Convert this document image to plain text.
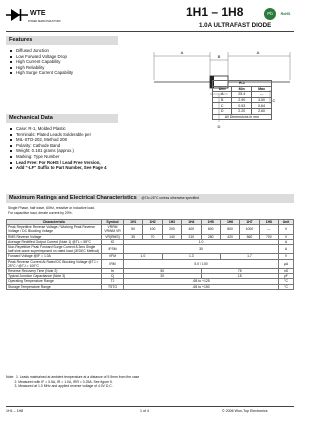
WTE
POWER SEMICONDUCTORS
1H1 – 1H8	Pb	RoHS
1.0A ULTRAFAST DIODE
Features
Diffused Junction
Low Forward Voltage Drop
High Current Capability
High Reliability
High Surge Current Capability
Mechanical Data
Case: R-1, Molded Plastic
Terminals: Plated Leads Solderable per
MIL-STD-202, Method 208
Polarity: Cathode Band
Weight: 0.181 grams (approx.)
Marking: Type Number
Lead Free: For RoHS / Lead Free Version,
Add "-LF" Suffix to Part Number, See Page 4
A
B
A
C
D
R-1		
Dim	Min	Max
A	25.4	—
B	2.90	3.50
C	0.53	0.64
D	2.20	2.60
All Dimensions in mm		
Maximum Ratings and Electrical Characteristics @TA=25°C unless otherwise specified
Single Phase, half wave, 60Hz, resistive or inductive load.
For capacitive load, derate current by 20%.
Characteristic	Symbol	1H1	1H2	1H3	1H4	1H5	1H6	1H7	1H8	Unit
Peak Repetitive Reverse Voltage / Working Peak Reverse Voltage / DC Blocking Voltage	VRRM VRWM VR	50	100	200	400	600	800	1000	—	V
RMS Reverse Voltage	VR(RMS)	35	70	140	210	280	420	560	700	V
Average Rectified Output Current (Note 1) @TL = 55°C	IO	1.0								A
Non-Repetitive Peak Forward Surge Current 8.3ms Single half sine-wave superimposed on rated load (JEDEC Method)	IFSM	30								A
Forward Voltage @IF = 1.0A	VFM	1.0		1.3			1.7			V
Peak Reverse Current At Rated DC Blocking Voltage @TJ = 25°C / @TJ = 100°C	IRM	5.0 / 100								µA
Reverse Recovery Time (Note 2)	trr	50				75				nS
Typical Junction Capacitance (Note 3)	Cj	20				15				pF
Operating Temperature Range	TJ	-65 to +125								°C
Storage Temperature Range	TSTG	-65 to +150								°C
Note:  1. Leads maintained at ambient temperature at a distance of 9.5mm from the case
2. Measured with IF = 0.5A, IR = 1.0A, IRR = 0.25A. See figure 5.
3. Measured at 1.0 MHz and applied reverse voltage of 4.0V D.C.
1H1 – 1H8	1 of 4	© 2006 Won-Top Electronics
